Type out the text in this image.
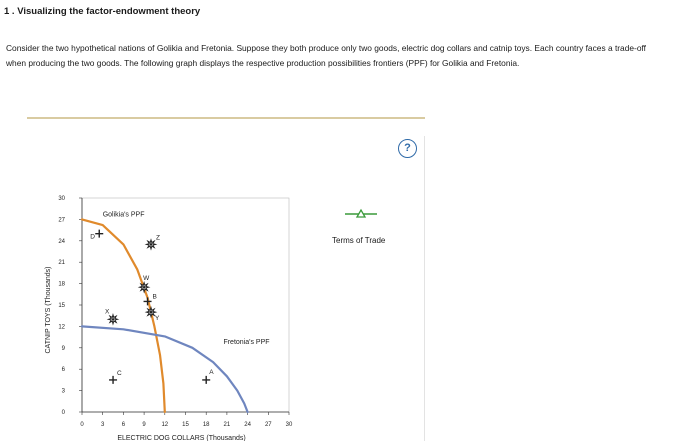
1 . Visualizing the factor-endowment theory
Consider the two hypothetical nations of Golikia and Fretonia. Suppose they both produce only two goods, electric dog collars and catnip toys. Each country faces a trade-off when producing the two goods. The following graph displays the respective production possibilities frontiers (PPF) for Golikia and Fretonia.
?
Terms of Trade
0
3
6
9
12
15
18
21
24
27
30
0	3	6	9	12 15 18 21 24 27 30
ELECTRIC DOG COLLARS (Thousands)
CATNIP TOYS (Thousands)
Golikia's PPF
Fretonia's PPF
A
B
C
D
W
X
Y
Z
